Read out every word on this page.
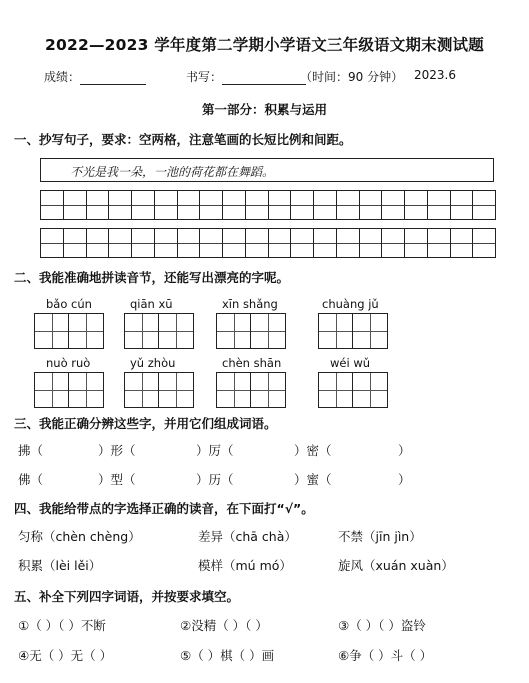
2022—2023 学年度第二学期小学语文三年级语文期末测试题
成绩：	书写：	（时间：90 分钟） 2023.6
第一部分：积累与运用
一、抄写句子，要求：空两格，注意笔画的长短比例和间距。
不光是我一朵，一池的荷花都在舞蹈。
二、我能准确地拼读音节，还能写出漂亮的字呢。
bǎo cún	qiān xū	xīn shǎng	chuàng jǔ
nuò ruò	yǔ zhòu	chèn shān	wéi wǔ
三、我能正确分辨这些字，并用它们组成词语。
拂（	）形（	）厉（	）密（	）
佛（	）型（	）历（	）蜜（	）
四、我能给带点的字选择正确的读音，在下面打“√”。
匀称（chèn chèng）	差异（chā chà）	不禁（jīn jìn）
积累（lèi lěi）	模样（mú mó）	旋风（xuán xuàn）
五、补全下列四字词语，并按要求填空。
①（ ）（ ）不断	②没精（ ）（ ）	③（ ）（ ）盗铃
④无（ ）无（ ）	⑤（ ）棋（ ）画	⑥争（ ）斗（ ）
